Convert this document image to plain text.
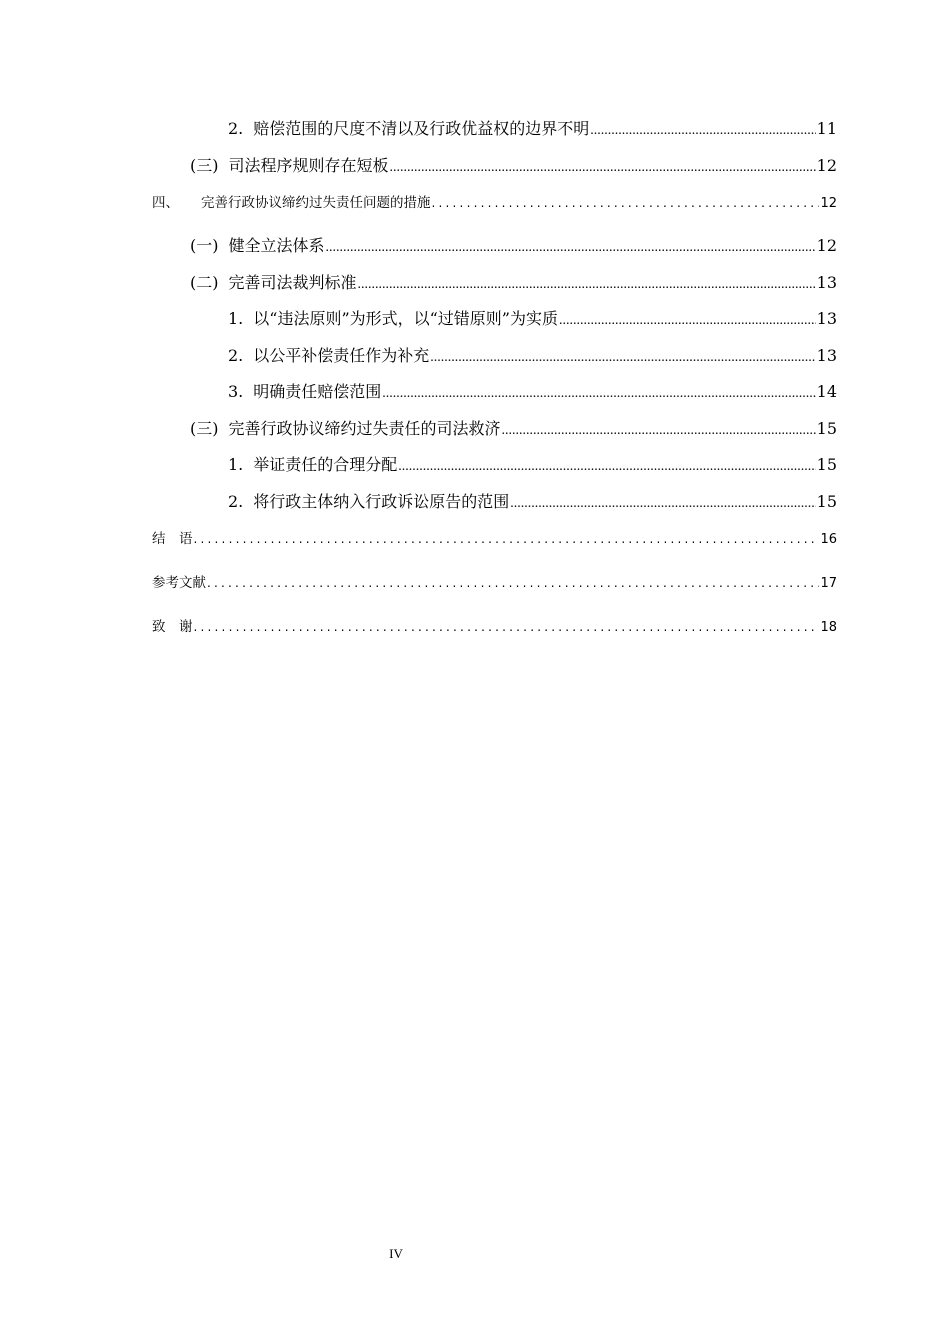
2. 赔偿范围的尺度不清以及行政优益权的边界不明 .....	11
(三) 司法程序规则存在短板 .....	12
四、 完善行政协议缔约过失责任问题的措施 .....	12
(一) 健全立法体系 .....	12
(二) 完善司法裁判标准 .....	13
1. 以“违法原则”为形式，以“过错原则”为实质 .....	13
2. 以公平补偿责任作为补充 .....	13
3. 明确责任赔偿范围 .....	14
(三) 完善行政协议缔约过失责任的司法救济 .....	15
1. 举证责任的合理分配 .....	15
2. 将行政主体纳入行政诉讼原告的范围 .....	15
结　语 .....	16
参考文献 .....	17
致　谢 .....	18
IV
